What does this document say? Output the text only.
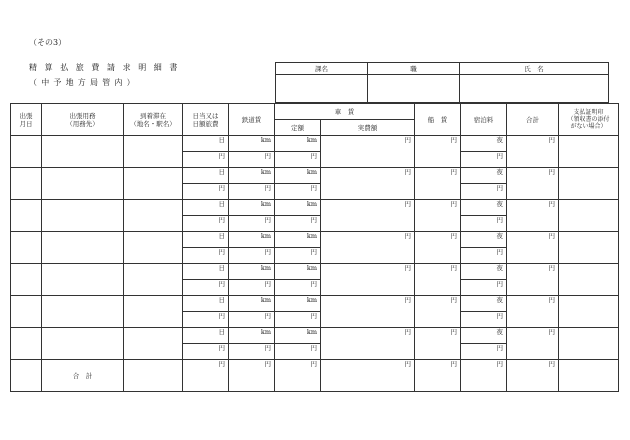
（その3）
精算払旅費請求明細書
（中予地方局管内）
課名	職	氏　名

出張
月日	出張用務
（用務先）	到着滞在
（地名・駅名）	日当又は
日額旅費	鉄道賃	車　賃		船　賃	宿泊料	合計	支払証明印
（領収書の添付
がない場合）
					定額	実費額				
			日	km	km	円	円	夜	円	
			円	円	円			円		
			日	km	km	円	円	夜	円	
			円	円	円			円		
			日	km	km	円	円	夜	円	
			円	円	円			円		
			日	km	km	円	円	夜	円	
			円	円	円			円		
			日	km	km	円	円	夜	円	
			円	円	円			円		
			日	km	km	円	円	夜	円	
			円	円	円			円		
			日	km	km	円	円	夜	円	
			円	円	円			円		
	合　計		円	円	円	円	円	円	円	
